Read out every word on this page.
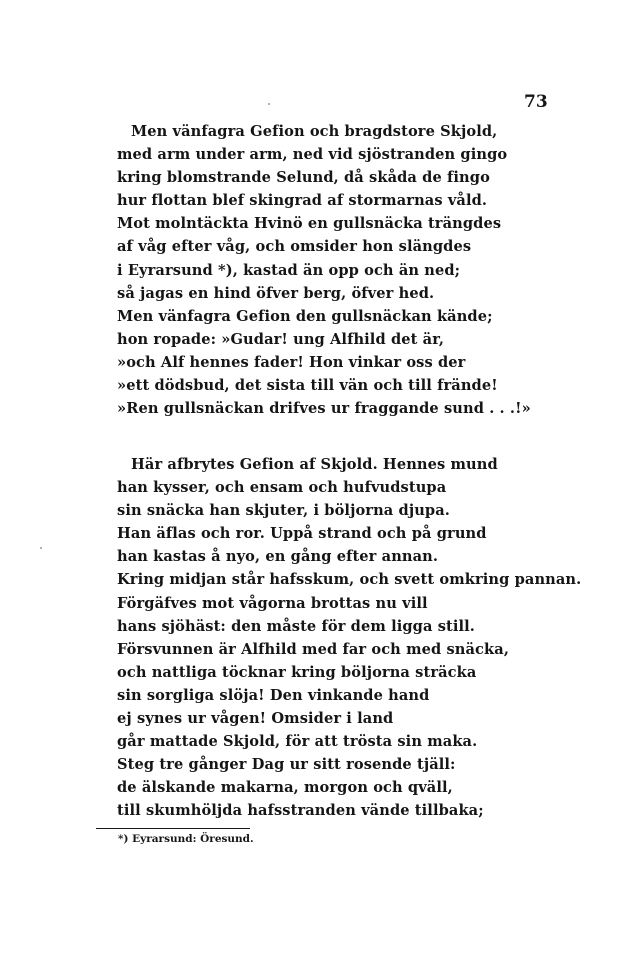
73
Men vänfagra Gefion och bragdstore Skjold,
med arm under arm, ned vid sjöstranden gingo
kring blomstrande Selund, då skåda de fingo
hur flottan blef skingrad af stormarnas våld.
Mot molntäckta Hvinö en gullsnäcka trängdes
af våg efter våg, och omsider hon slängdes
i Eyrarsund *), kastad än opp och än ned;
så jagas en hind öfver berg, öfver hed.
Men vänfagra Gefion den gullsnäckan kände;
hon ropade: »Gudar! ung Alfhild det är,
»och Alf hennes fader! Hon vinkar oss der
»ett dödsbud, det sista till vän och till frände!
»Ren gullsnäckan drifves ur fraggande sund . . .!»
Här afbrytes Gefion af Skjold. Hennes mund
han kysser, och ensam och hufvudstupa
sin snäcka han skjuter, i böljorna djupa.
Han äflas och ror. Uppå strand och på grund
han kastas å nyo, en gång efter annan.
Kring midjan står hafsskum, och svett omkring pannan.
Förgäfves mot vågorna brottas nu vill
hans sjöhäst: den måste för dem ligga still.
Försvunnen är Alfhild med far och med snäcka,
och nattliga töcknar kring böljorna sträcka
sin sorgliga slöja! Den vinkande hand
ej synes ur vågen! Omsider i land
går mattade Skjold, för att trösta sin maka.
Steg tre gånger Dag ur sitt rosende tjäll:
de älskande makarna, morgon och qväll,
till skumhöljda hafsstranden vände tillbaka;
*) Eyrarsund: Öresund.
